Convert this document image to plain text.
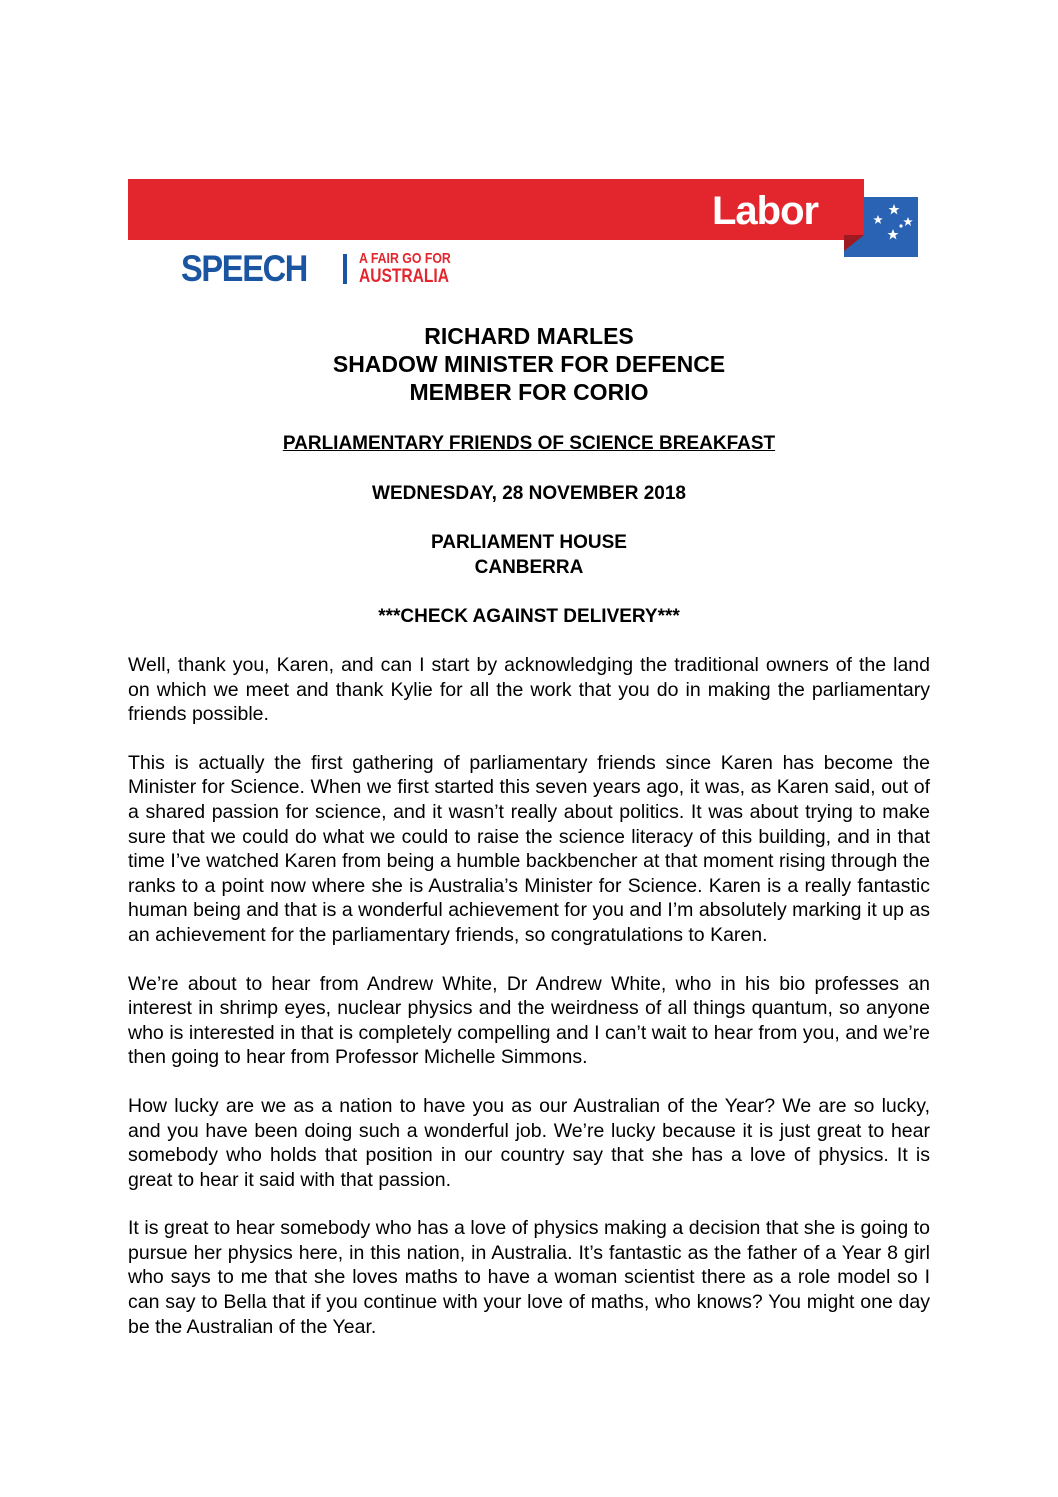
Labor
SPEECH	A FAIR GO FOR
AUSTRALIA
RICHARD MARLES
SHADOW MINISTER FOR DEFENCE
MEMBER FOR CORIO
PARLIAMENTARY FRIENDS OF SCIENCE BREAKFAST
WEDNESDAY, 28 NOVEMBER 2018
PARLIAMENT HOUSE
CANBERRA
***CHECK AGAINST DELIVERY***

Well, thank you, Karen, and can I start by acknowledging the traditional owners of the land on which we meet and thank Kylie for all the work that you do in making the parliamentary friends possible.

This is actually the first gathering of parliamentary friends since Karen has become the Minister for Science. When we first started this seven years ago, it was, as Karen said, out of a shared passion for science, and it wasn’t really about politics. It was about trying to make sure that we could do what we could to raise the science literacy of this building, and in that time I’ve watched Karen from being a humble backbencher at that moment rising through the ranks to a point now where she is Australia’s Minister for Science. Karen is a really fantastic human being and that is a wonderful achievement for you and I’m absolutely marking it up as an achievement for the parliamentary friends, so congratulations to Karen.

We’re about to hear from Andrew White, Dr Andrew White, who in his bio professes an interest in shrimp eyes, nuclear physics and the weirdness of all things quantum, so anyone who is interested in that is completely compelling and I can’t wait to hear from you, and we’re then going to hear from Professor Michelle Simmons.

How lucky are we as a nation to have you as our Australian of the Year? We are so lucky, and you have been doing such a wonderful job. We’re lucky because it is just great to hear somebody who holds that position in our country say that she has a love of physics. It is great to hear it said with that passion.

It is great to hear somebody who has a love of physics making a decision that she is going to pursue her physics here, in this nation, in Australia. It’s fantastic as the father of a Year 8 girl who says to me that she loves maths to have a woman scientist there as a role model so I can say to Bella that if you continue with your love of maths, who knows? You might one day be the Australian of the Year.
